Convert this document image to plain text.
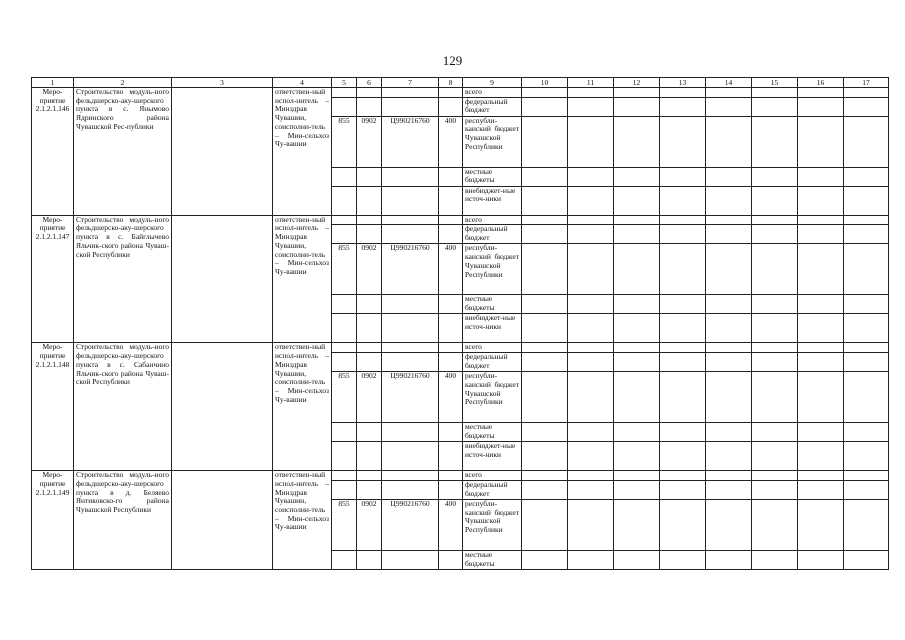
129
1	2	3	4	5	6	7	8	9	10	11	12	13	14	15	16	17
Меро-приятие 2.1.2.1.146	Строительство модуль-ного фельдшерско-аку-шерского пункта в с. Янымово Ядринского района Чувашской Рес-публики		ответствен-ный испол-нитель – Минздрав Чувашии, соисполни-тель – Мин-сельхоз Чу-вашии					всего								
								федеральный бюджет								
				855	0902	Ц990216760	400	республи-канский бюджет Чувашской Республики								
								местные бюджеты								
								внебюджет-ные источ-ники								
Меро-приятие 2.1.2.1.147	Строительство модуль-ного фельдшерско-аку-шерского пункта в с. Байглычево Яльчик-ского района Чуваш-ской Республики		ответствен-ный испол-нитель – Минздрав Чувашии, соисполни-тель – Мин-сельхоз Чу-вашии					всего								
								федеральный бюджет								
				855	0902	Ц990216760	400	республи-канский бюджет Чувашской Республики								
								местные бюджеты								
								внебюджет-ные источ-ники								
Меро-приятие 2.1.2.1.148	Строительство модуль-ного фельдшерско-аку-шерского пункта в с. Сабанчино Яльчик-ского района Чуваш-ской Республики		ответствен-ный испол-нитель – Минздрав Чувашии, соисполни-тель – Мин-сельхоз Чу-вашии					всего								
								федеральный бюджет								
				855	0902	Ц990216760	400	республи-канский бюджет Чувашской Республики								
								местные бюджеты								
								внебюджет-ные источ-ники								
Меро-приятие 2.1.2.1.149	Строительство модуль-ного фельдшерско-аку-шерского пункта в д. Беляево Янтиковско-го района Чувашской Республики		ответствен-ный испол-нитель – Минздрав Чувашии, соисполни-тель – Мин-сельхоз Чу-вашии					всего								
								федеральный бюджет								
				855	0902	Ц990216760	400	республи-канский бюджет Чувашской Республики								
								местные бюджеты								
